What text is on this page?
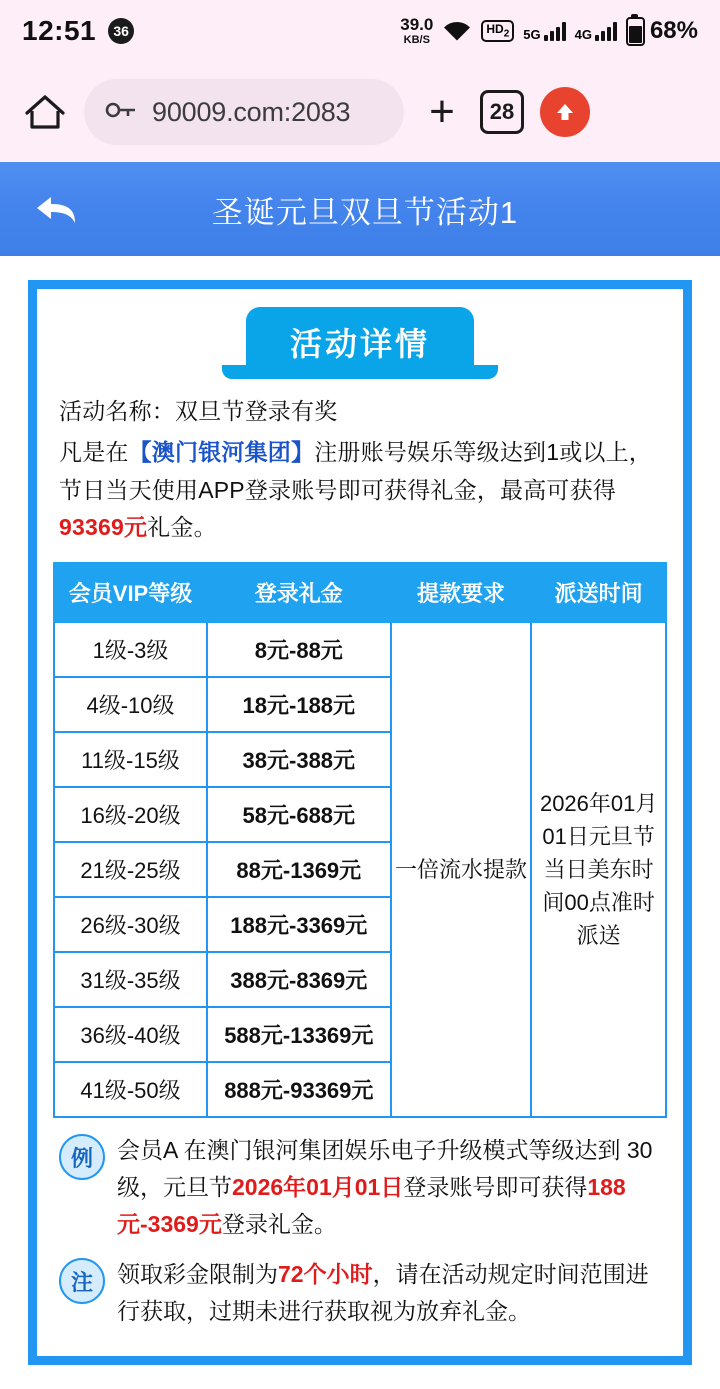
12:51	36	39.0
KB/S
$HD_2$	5G	4G 68%
90009.com:2083 +	28
圣诞元旦双旦节活动1
活动详情

活动名称：双旦节登录有奖

凡是在【澳门银河集团】注册账号娱乐等级达到1或以上，节日当天使用APP登录账号即可获得礼金，最高可获得93369元礼金。

会员VIP等级	登录礼金	提款要求	派送时间
1级-3级	8元-88元	一倍流水提款	2026年01月01日元旦节当日美东时间00点准时派送
4级-10级	18元-188元		
11级-15级	38元-388元		
16级-20级	58元-688元		
21级-25级	88元-1369元		
26级-30级	188元-3369元		
31级-35级	388元-8369元		
36级-40级	588元-13369元		
41级-50级	888元-93369元		
例	会员A 在澳门银河集团娱乐电子升级模式等级达到 30级，元旦节2026年01月01日登录账号即可获得188元-3369元登录礼金。
注	领取彩金限制为72个小时，请在活动规定时间范围进行获取，过期未进行获取视为放弃礼金。
